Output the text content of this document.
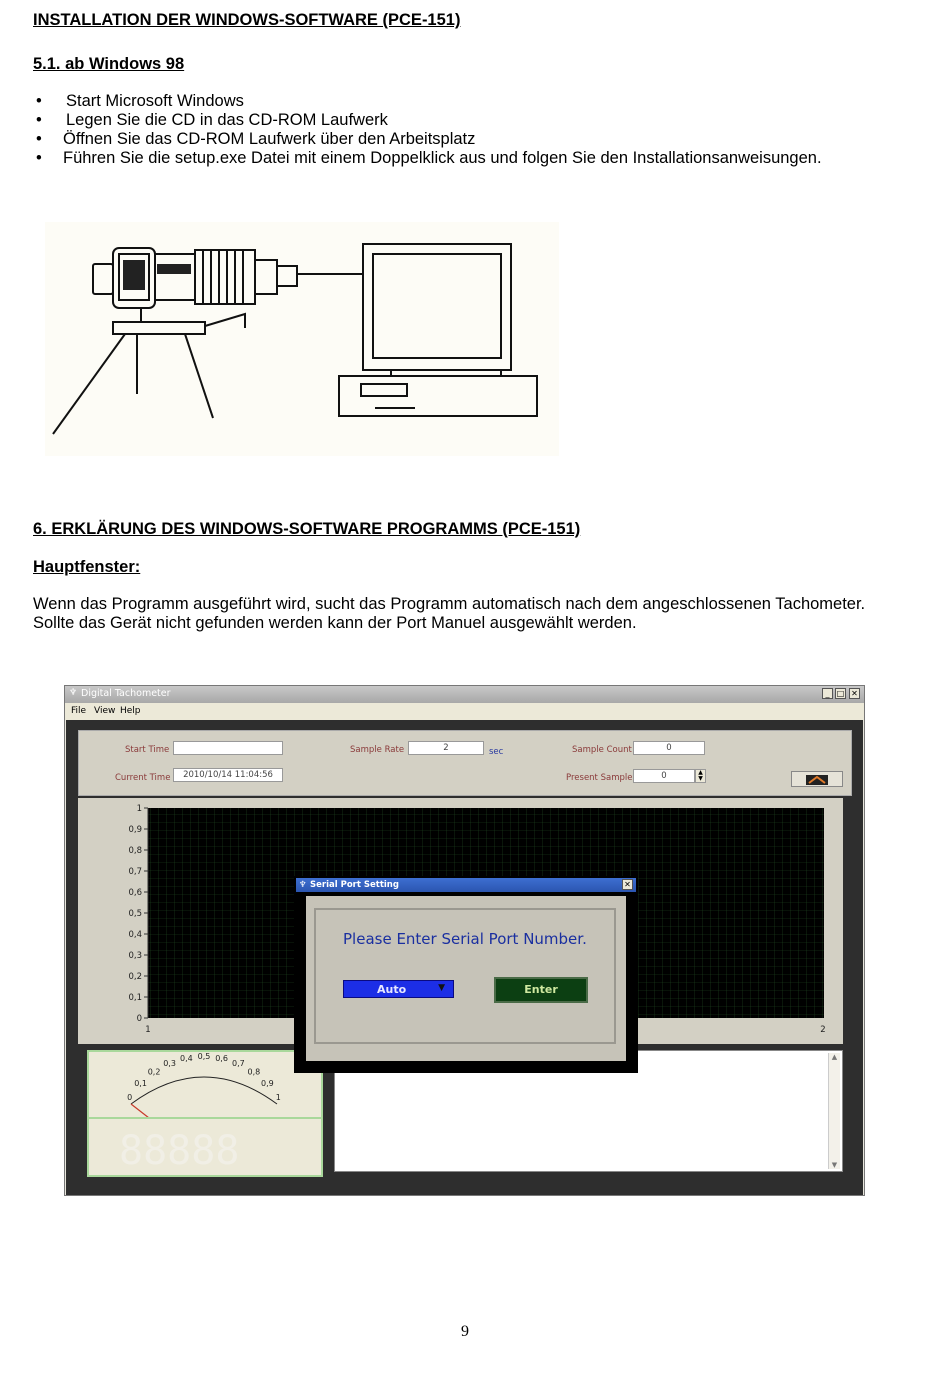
INSTALLATION DER WINDOWS-SOFTWARE (PCE-151)

5.1. ab Windows 98

• Start Microsoft Windows
• Legen Sie die CD in das CD-ROM Laufwerk
• Öffnen Sie das CD-ROM Laufwerk über den Arbeitsplatz
• Führen Sie die setup.exe Datei mit einem Doppelklick aus und folgen Sie den Installationsanweisungen.

6. ERKLÄRUNG DES WINDOWS-SOFTWARE PROGRAMMS (PCE-151)

Hauptfenster:

Wenn das Programm ausgeführt wird, sucht das Programm automatisch nach dem angeschlossenen Tachometer.
Sollte das Gerät nicht gefunden werden kann der Port Manuel ausgewählt werden.
♆ Digital Tachometer	_ □ ✕
File View Help
Start Time
Current Time	2010/10/14 11:04:56
Sample Rate	2	sec	Sample Count	0
Present Sample	0	▲
▼
1
0,9
0,8
0,7
0,6
0,5
0,4
0,3
0,2
0,1
0
1	2
0
0,1
0,2
0,3
0,4 0,5 0,6
0,7
0,8
0,9
1
88888
▲
▼
♆ Serial Port Setting	✕
Please Enter Serial Port Number.
Auto	▼	Enter
9
